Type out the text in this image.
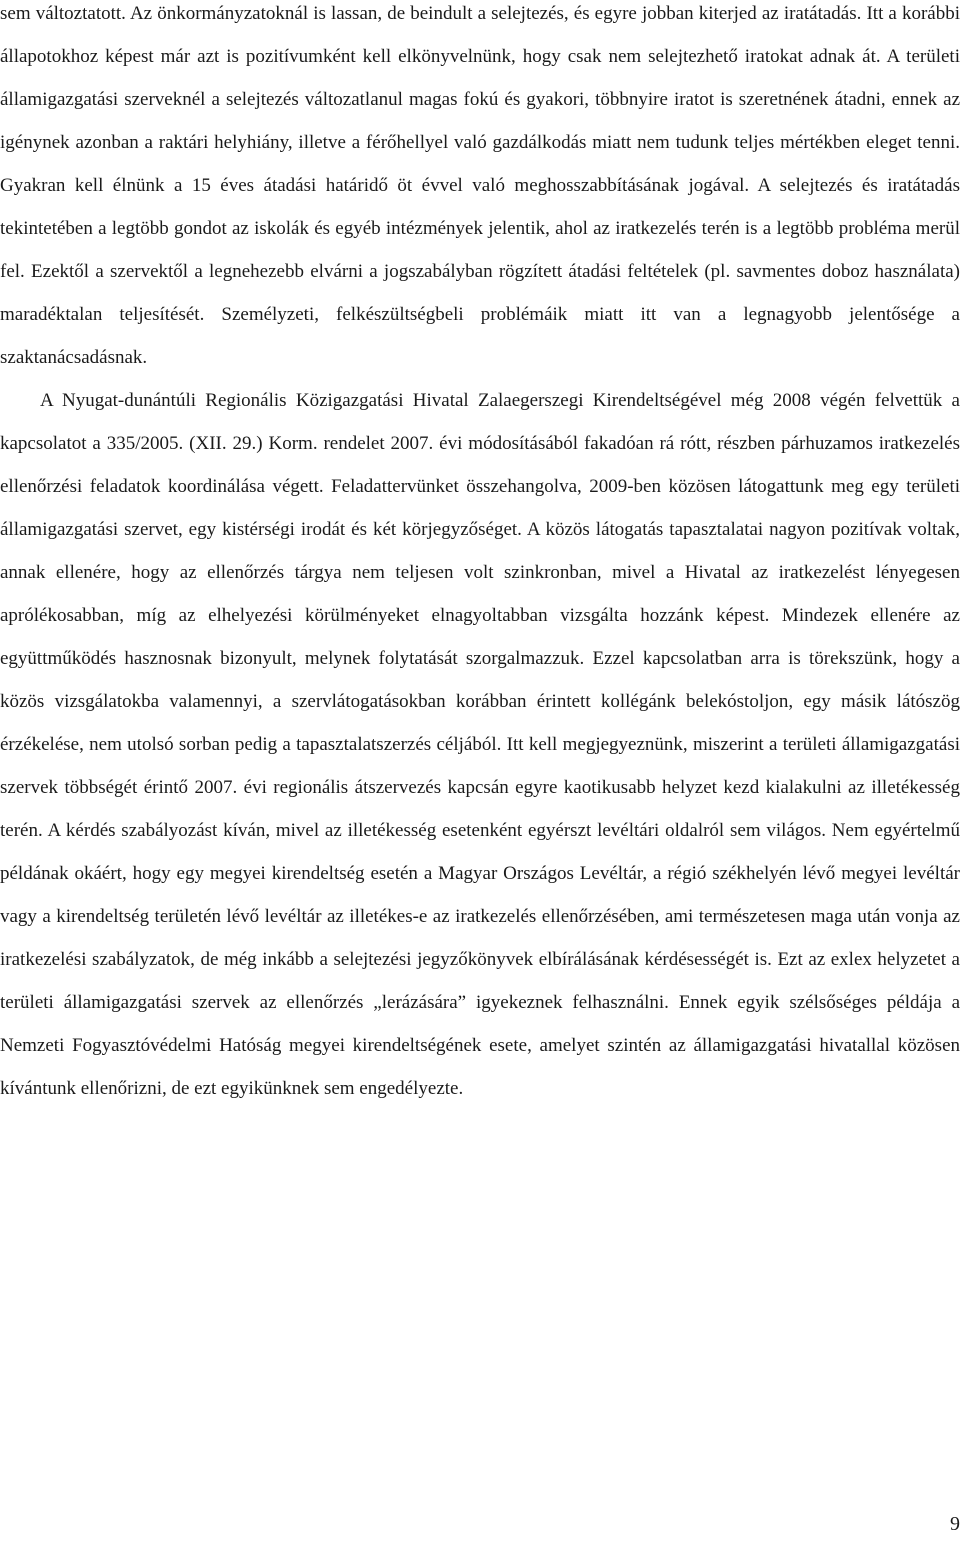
sem változtatott. Az önkormányzatoknál is lassan, de beindult a selejtezés, és egyre jobban kiterjed az iratátadás. Itt a korábbi állapotokhoz képest már azt is pozitívumként kell elkönyvelnünk, hogy csak nem selejtezhető iratokat adnak át. A területi államigazgatási szerveknél a selejtezés változatlanul magas fokú és gyakori, többnyire iratot is szeretnének átadni, ennek az igénynek azonban a raktári helyhiány, illetve a férőhellyel való gazdálkodás miatt nem tudunk teljes mértékben eleget tenni. Gyakran kell élnünk a 15 éves átadási határidő öt évvel való meghosszabbításának jogával. A selejtezés és iratátadás tekintetében a legtöbb gondot az iskolák és egyéb intézmények jelentik, ahol az iratkezelés terén is a legtöbb probléma merül fel. Ezektől a szervektől a legnehezebb elvárni a jogszabályban rögzített átadási feltételek (pl. savmentes doboz használata) maradéktalan teljesítését. Személyzeti, felkészültségbeli problémáik miatt itt van a legnagyobb jelentősége a szaktanácsadásnak.

A Nyugat-dunántúli Regionális Közigazgatási Hivatal Zalaegerszegi Kirendeltségével még 2008 végén felvettük a kapcsolatot a 335/2005. (XII. 29.) Korm. rendelet 2007. évi módosításából fakadóan rá rótt, részben párhuzamos iratkezelés ellenőrzési feladatok koordinálása végett. Feladattervünket összehangolva, 2009-ben közösen látogattunk meg egy területi államigazgatási szervet, egy kistérségi irodát és két körjegyzőséget. A közös látogatás tapasztalatai nagyon pozitívak voltak, annak ellenére, hogy az ellenőrzés tárgya nem teljesen volt szinkronban, mivel a Hivatal az iratkezelést lényegesen aprólékosabban, míg az elhelyezési körülményeket elnagyoltabban vizsgálta hozzánk képest. Mindezek ellenére az együttműködés hasznosnak bizonyult, melynek folytatását szorgalmazzuk. Ezzel kapcsolatban arra is törekszünk, hogy a közös vizsgálatokba valamennyi, a szervlátogatásokban korábban érintett kollégánk belekóstoljon, egy másik látószög érzékelése, nem utolsó sorban pedig a tapasztalatszerzés céljából. Itt kell megjegyeznünk, miszerint a területi államigazgatási szervek többségét érintő 2007. évi regionális átszervezés kapcsán egyre kaotikusabb helyzet kezd kialakulni az illetékesség terén. A kérdés szabályozást kíván, mivel az illetékesség esetenként egyérszt levéltári oldalról sem világos. Nem egyértelmű példának okáért, hogy egy megyei kirendeltség esetén a Magyar Országos Levéltár, a régió székhelyén lévő megyei levéltár vagy a kirendeltség területén lévő levéltár az illetékes-e az iratkezelés ellenőrzésében, ami természetesen maga után vonja az iratkezelési szabályzatok, de még inkább a selejtezési jegyzőkönyvek elbírálásának kérdésességét is. Ezt az exlex helyzetet a területi államigazgatási szervek az ellenőrzés „lerázására” igyekeznek felhasználni. Ennek egyik szélsőséges példája a Nemzeti Fogyasztóvédelmi Hatóság megyei kirendeltségének esete, amelyet szintén az államigazgatási hivatallal közösen kívántunk ellenőrizni, de ezt egyikünknek sem engedélyezte.

9
